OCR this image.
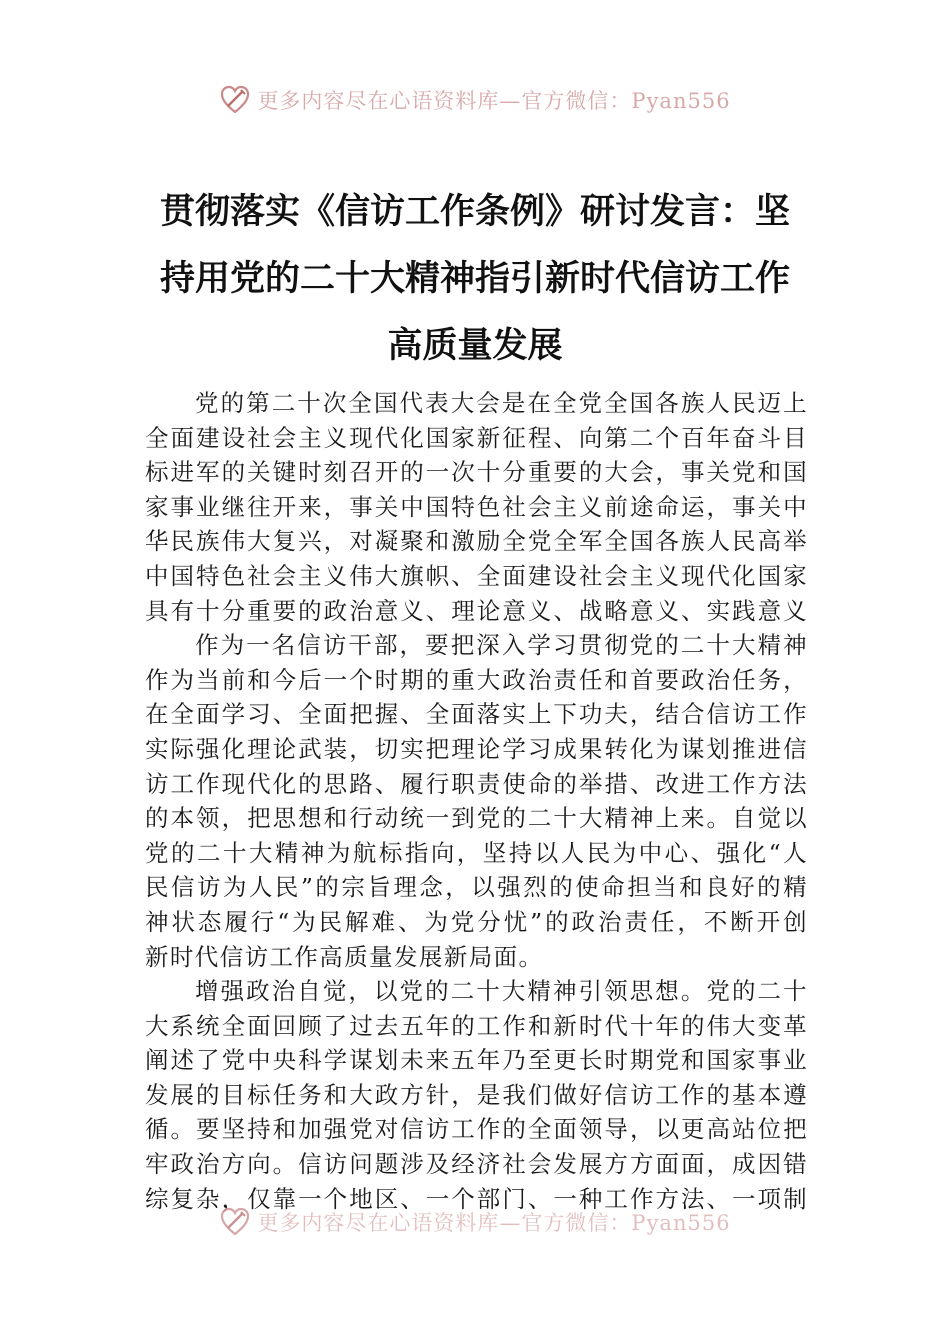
更多内容尽在心语资料库—官方微信：Pyan556
贯彻落实《信访工作条例》研讨发言：坚
持用党的二十大精神指引新时代信访工作
高质量发展
党的第二十次全国代表大会是在全党全国各族人民迈上
全面建设社会主义现代化国家新征程、向第二个百年奋斗目
标进军的关键时刻召开的一次十分重要的大会，事关党和国
家事业继往开来，事关中国特色社会主义前途命运，事关中
华民族伟大复兴，对凝聚和激励全党全军全国各族人民高举
中国特色社会主义伟大旗帜、全面建设社会主义现代化国家
具有十分重要的政治意义、理论意义、战略意义、实践意义
作为一名信访干部，要把深入学习贯彻党的二十大精神
作为当前和今后一个时期的重大政治责任和首要政治任务，
在全面学习、全面把握、全面落实上下功夫，结合信访工作
实际强化理论武装，切实把理论学习成果转化为谋划推进信
访工作现代化的思路、履行职责使命的举措、改进工作方法
的本领，把思想和行动统一到党的二十大精神上来。自觉以
党的二十大精神为航标指向，坚持以人民为中心、强化“人
民信访为人民”的宗旨理念，以强烈的使命担当和良好的精
神状态履行“为民解难、为党分忧”的政治责任，不断开创
新时代信访工作高质量发展新局面。
增强政治自觉，以党的二十大精神引领思想。党的二十
大系统全面回顾了过去五年的工作和新时代十年的伟大变革
阐述了党中央科学谋划未来五年乃至更长时期党和国家事业
发展的目标任务和大政方针，是我们做好信访工作的基本遵
循。要坚持和加强党对信访工作的全面领导，以更高站位把
牢政治方向。信访问题涉及经济社会发展方方面面，成因错
综复杂，仅靠一个地区、一个部门、一种工作方法、一项制
更多内容尽在心语资料库—官方微信：Pyan556
